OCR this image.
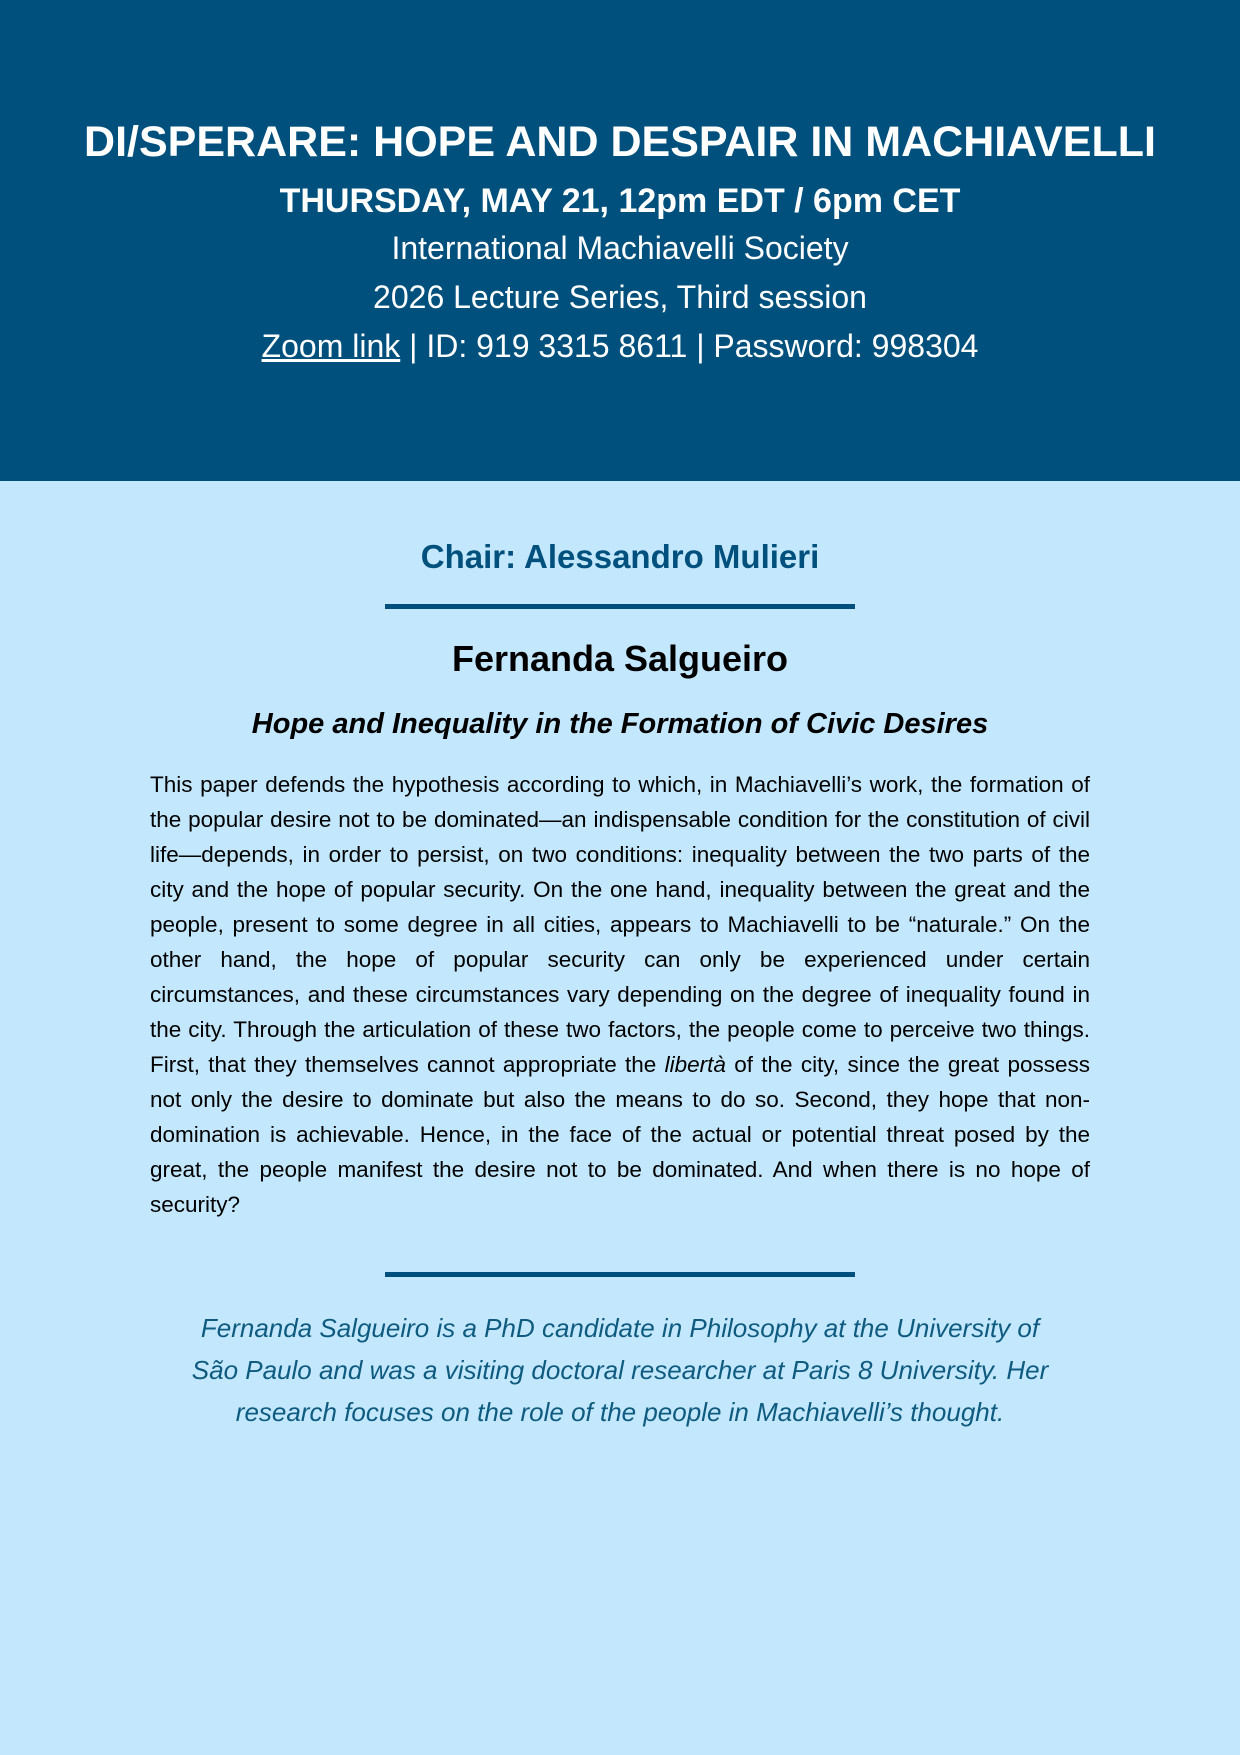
DI/SPERARE: HOPE AND DESPAIR IN MACHIAVELLI
THURSDAY, MAY 21, 12pm EDT / 6pm CET
International Machiavelli Society
2026 Lecture Series, Third session
Zoom link | ID: 919 3315 8611 | Password: 998304
Chair: Alessandro Mulieri
Fernanda Salgueiro
Hope and Inequality in the Formation of Civic Desires
This paper defends the hypothesis according to which, in Machiavelli’s work, the formation of the popular desire not to be dominated—an indispensable condition for the constitution of civil life—depends, in order to persist, on two conditions: inequality between the two parts of the city and the hope of popular security. On the one hand, inequality between the great and the people, present to some degree in all cities, appears to Machiavelli to be “naturale.” On the other hand, the hope of popular security can only be experienced under certain circumstances, and these circumstances vary depending on the degree of inequality found in the city. Through the articulation of these two factors, the people come to perceive two things. First, that they themselves cannot appropriate the libertà of the city, since the great possess not only the desire to dominate but also the means to do so. Second, they hope that non-domination is achievable. Hence, in the face of the actual or potential threat posed by the great, the people manifest the desire not to be dominated. And when there is no hope of security?
Fernanda Salgueiro is a PhD candidate in Philosophy at the University of
São Paulo and was a visiting doctoral researcher at Paris 8 University. Her
research focuses on the role of the people in Machiavelli’s thought.
